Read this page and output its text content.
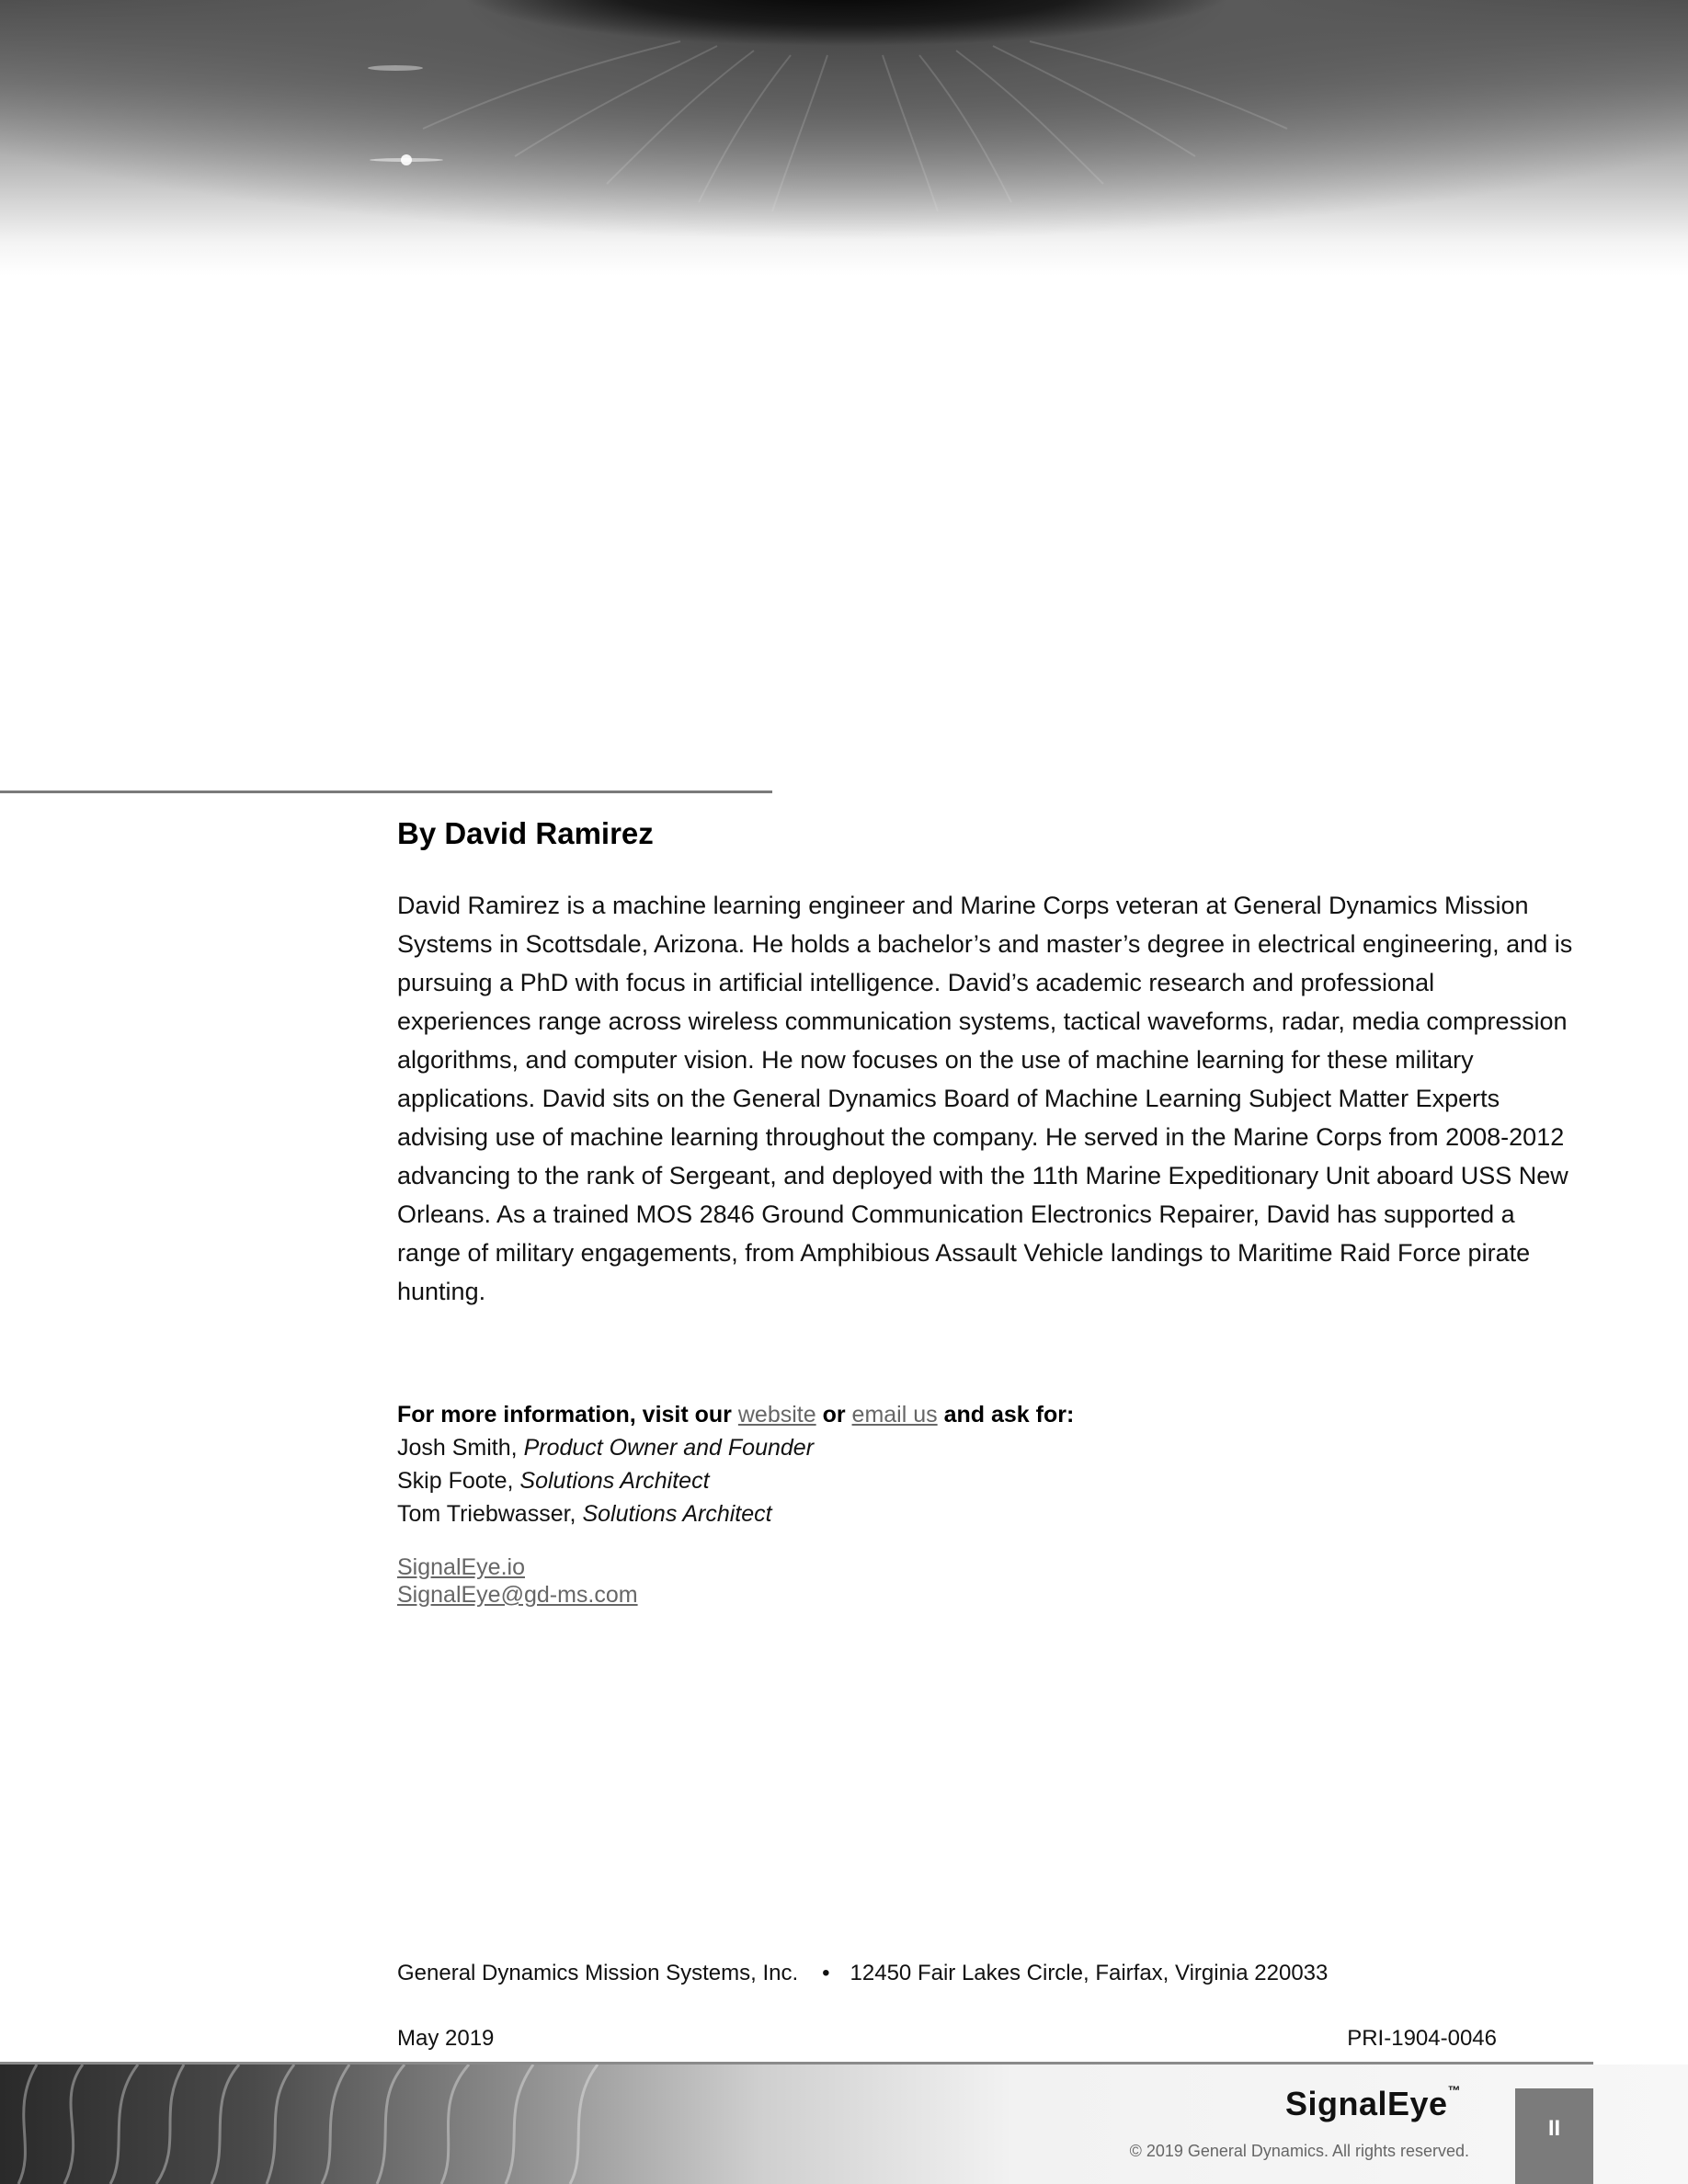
By David Ramirez

David Ramirez is a machine learning engineer and Marine Corps veteran at General Dynamics Mission Systems in Scottsdale, Arizona. He holds a bachelor’s and master’s degree in electrical engineering, and is pursuing a PhD with focus in artificial intelligence. David’s academic research and professional experiences range across wireless communication systems, tactical waveforms, radar, media compression algorithms, and computer vision. He now focuses on the use of machine learning for these military applications. David sits on the General Dynamics Board of Machine Learning Subject Matter Experts advising use of machine learning throughout the company. He served in the Marine Corps from 2008-2012 advancing to the rank of Sergeant, and deployed with the 11th Marine Expeditionary Unit aboard USS New Orleans. As a trained MOS 2846 Ground Communication Electronics Repairer, David has supported a range of military engagements, from Amphibious Assault Vehicle landings to Maritime Raid Force pirate hunting.

For more information, visit our website or email us and ask for:
Josh Smith, Product Owner and Founder
Skip Foote, Solutions Architect
Tom Triebwasser, Solutions Architect
SignalEye.io
SignalEye@gd-ms.com
General Dynamics Mission Systems, Inc. • 12450 Fair Lakes Circle, Fairfax, Virginia 220033
May 2019	PRI-1904-0046
SignalEye™
© 2019 General Dynamics. All rights reserved.
II
